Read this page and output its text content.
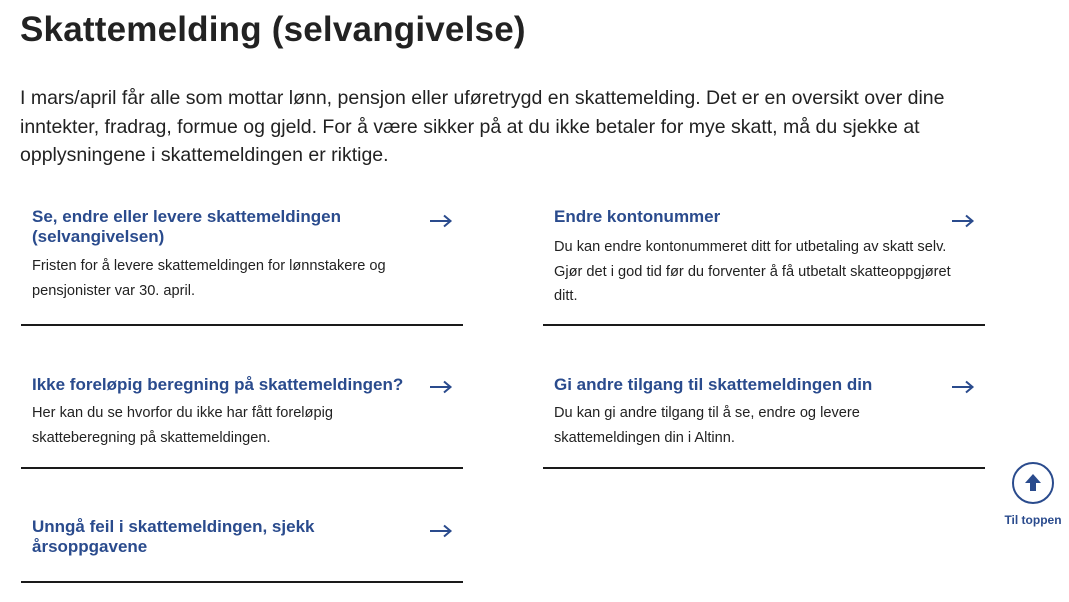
Skattemelding (selvangivelse)

I mars/april får alle som mottar lønn, pensjon eller uføretrygd en skattemelding. Det er en oversikt over dine inntekter, fradrag, formue og gjeld. For å være sikker på at du ikke betaler for mye skatt, må du sjekke at opplysningene i skattemeldingen er riktige.

Se, endre eller levere skattemeldingen (selvangivelsen)
Fristen for å levere skattemeldingen for lønnstakere og pensjonister var 30. april.
Endre kontonummer
Du kan endre kontonummeret ditt for utbetaling av skatt selv. Gjør det i god tid før du forventer å få utbetalt skatteoppgjøret ditt.
Ikke foreløpig beregning på skattemeldingen?
Her kan du se hvorfor du ikke har fått foreløpig skatteberegning på skattemeldingen.
Gi andre tilgang til skattemeldingen din
Du kan gi andre tilgang til å se, endre og levere skattemeldingen din i Altinn.
Unngå feil i skattemeldingen, sjekk årsoppgavene
Til toppen
